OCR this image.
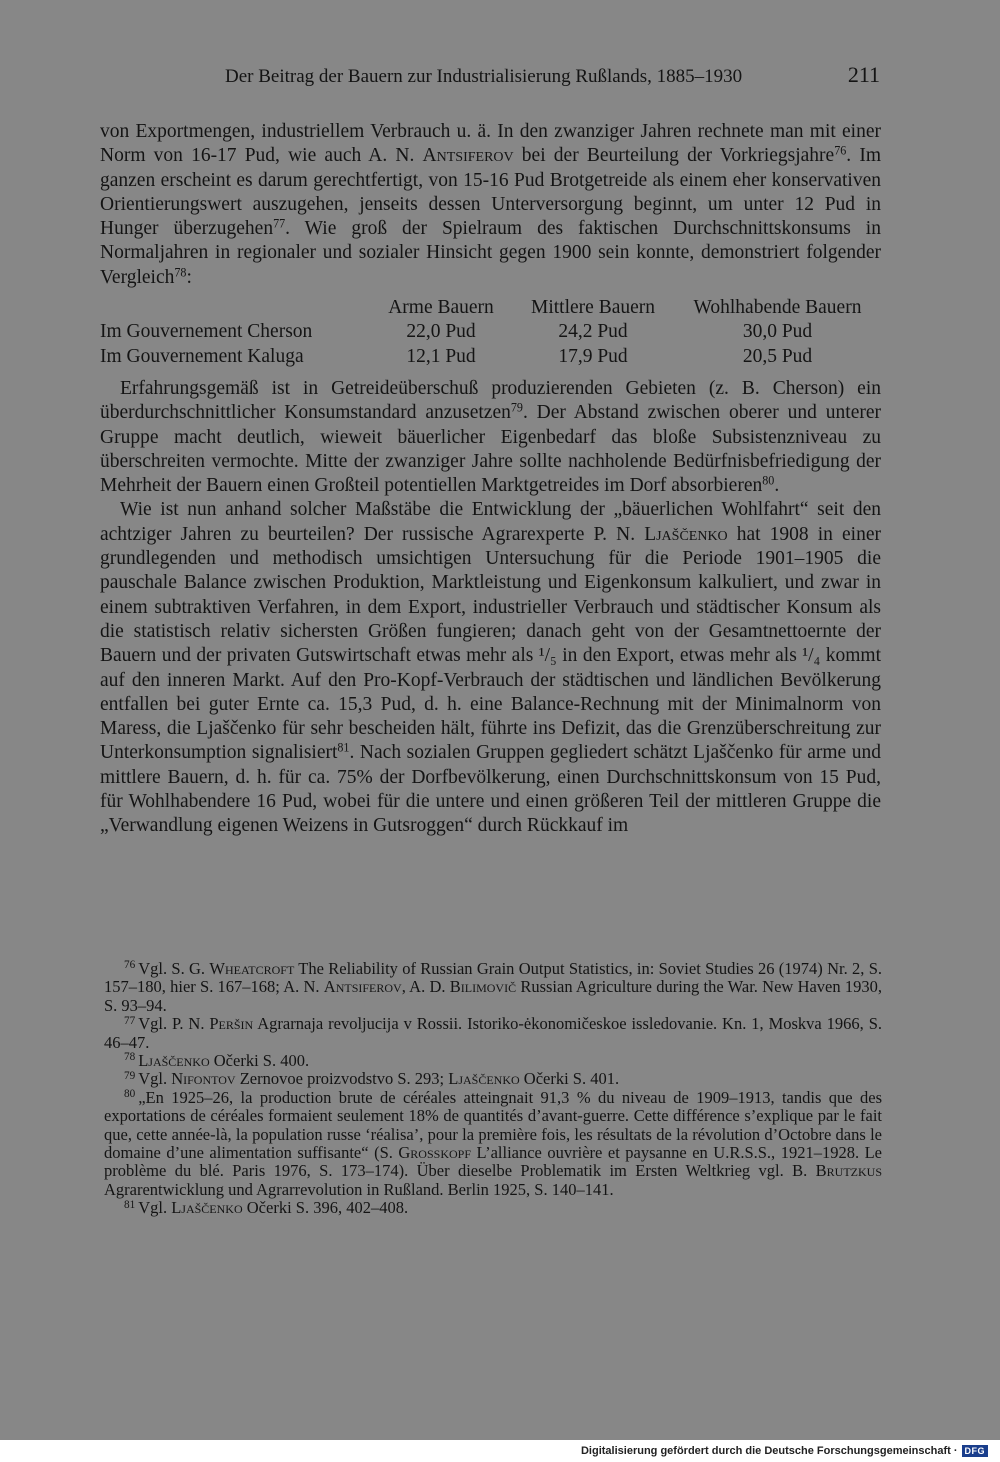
Der Beitrag der Bauern zur Industrialisierung Rußlands, 1885–1930	211

von Exportmengen, industriellem Verbrauch u. ä. In den zwanziger Jahren rechnete man mit einer Norm von 16-17 Pud, wie auch A. N. Antsiferov bei der Beurteilung der Vorkriegsjahre$^{76}$. Im ganzen erscheint es darum gerechtfertigt, von 15-16 Pud Brotgetreide als einem eher konservativen Orientierungswert auszugehen, jenseits dessen Unterversorgung beginnt, um unter 12 Pud in Hunger überzugehen$^{77}$. Wie groß der Spielraum des faktischen Durchschnittskonsums in Normaljahren in regionaler und sozialer Hinsicht gegen 1900 sein konnte, demonstriert folgender Vergleich$^{78}$:

	Arme Bauern	Mittlere Bauern	Wohlhabende Bauern
Im Gouvernement Cherson	22,0 Pud	24,2 Pud	30,0 Pud
Im Gouvernement Kaluga	12,1 Pud	17,9 Pud	20,5 Pud

Erfahrungsgemäß ist in Getreideüberschuß produzierenden Gebieten (z. B. Cherson) ein überdurchschnittlicher Konsumstandard anzusetzen$^{79}$. Der Abstand zwischen oberer und unterer Gruppe macht deutlich, wieweit bäuerlicher Eigenbedarf das bloße Subsistenzniveau zu überschreiten vermochte. Mitte der zwanziger Jahre sollte nachholende Bedürfnisbefriedigung der Mehrheit der Bauern einen Großteil potentiellen Marktgetreides im Dorf absorbieren$^{80}$.

Wie ist nun anhand solcher Maßstäbe die Entwicklung der „bäuerlichen Wohlfahrt“ seit den achtziger Jahren zu beurteilen? Der russische Agrarexperte P. N. Ljaščenko hat 1908 in einer grundlegenden und methodisch umsichtigen Untersuchung für die Periode 1901–1905 die pauschale Balance zwischen Produktion, Marktleistung und Eigenkonsum kalkuliert, und zwar in einem subtraktiven Verfahren, in dem Export, industrieller Verbrauch und städtischer Konsum als die statistisch relativ sichersten Größen fungieren; danach geht von der Gesamtnettoernte der Bauern und der privaten Gutswirtschaft etwas mehr als ¹/₅ in den Export, etwas mehr als ¹/₄ kommt auf den inneren Markt. Auf den Pro-Kopf-Verbrauch der städtischen und ländlichen Bevölkerung entfallen bei guter Ernte ca. 15,3 Pud, d. h. eine Balance-Rechnung mit der Minimalnorm von Maress, die Ljaščenko für sehr bescheiden hält, führte ins Defizit, das die Grenzüberschreitung zur Unterkonsumption signalisiert$^{81}$. Nach sozialen Gruppen gegliedert schätzt Ljaščenko für arme und mittlere Bauern, d. h. für ca. 75% der Dorfbevölkerung, einen Durchschnittskonsum von 15 Pud, für Wohlhabendere 16 Pud, wobei für die untere und einen größeren Teil der mittleren Gruppe die „Verwandlung eigenen Weizens in Gutsroggen“ durch Rückkauf im

$^{76}$ Vgl. S. G. Wheatcroft The Reliability of Russian Grain Output Statistics, in: Soviet Studies 26 (1974) Nr. 2, S. 157–180, hier S. 167–168; A. N. Antsiferov, A. D. Bilimovič Russian Agriculture during the War. New Haven 1930, S. 93–94.
$^{77}$ Vgl. P. N. Peršin Agrarnaja revoljucija v Rossii. Istoriko-ėkonomičeskoe issledovanie. Kn. 1, Moskva 1966, S. 46–47.
$^{78}$ Ljaščenko Očerki S. 400.
$^{79}$ Vgl. Nifontov Zernovoe proizvodstvo S. 293; Ljaščenko Očerki S. 401.
$^{80}$ „En 1925–26, la production brute de céréales atteingnait 91,3 % du niveau de 1909–1913, tandis que des exportations de céréales formaient seulement 18% de quantités d’avant-guerre. Cette différence s’explique par le fait que, cette année-là, la population russe ‘réalisa’, pour la première fois, les résultats de la révolution d’Octobre dans le domaine d’une alimentation suffisante“ (S. Grosskopf L’alliance ouvrière et paysanne en U.R.S.S., 1921–1928. Le problème du blé. Paris 1976, S. 173–174). Über dieselbe Problematik im Ersten Weltkrieg vgl. B. Brutzkus Agrarentwicklung und Agrarrevolution in Rußland. Berlin 1925, S. 140–141.
$^{81}$ Vgl. Ljaščenko Očerki S. 396, 402–408.
Digitalisierung gefördert durch die Deutsche Forschungsgemeinschaft · DFG
